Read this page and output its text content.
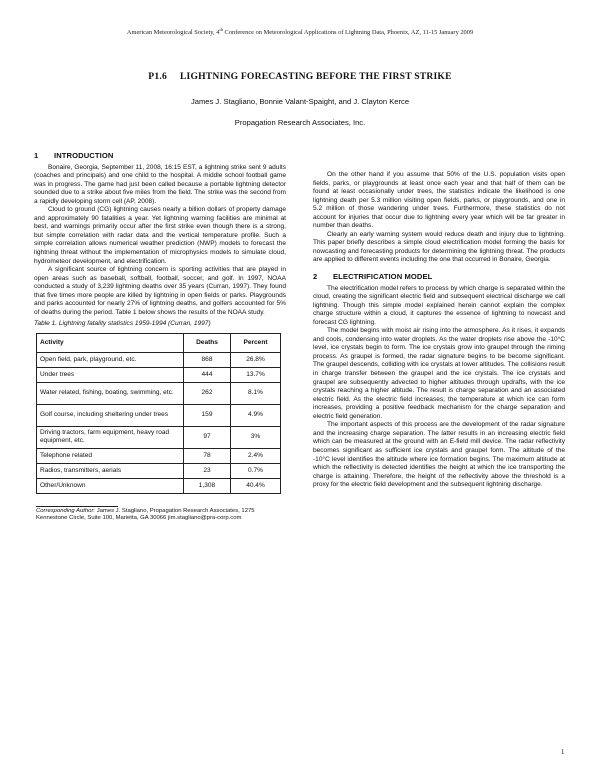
American Meteorological Society, 4th Conference on Meteorological Applications of Lightning Data, Phoenix, AZ, 11-15 January 2009
P1.6     LIGHTNING FORECASTING BEFORE THE FIRST STRIKE
James J. Stagliano, Bonnie Valant-Spaight, and J. Clayton Kerce
Propagation Research Associates, Inc.
1 INTRODUCTION

Bonaire, Georgia, September 11, 2008, 16:15 EST, a lightning strike sent 9 adults (coaches and principals) and one child to the hospital. A middle school football game was in progress. The game had just been called because a portable lightning detector sounded due to a strike about five miles from the field. The strike was the second from a rapidly developing storm cell (AP, 2008).

Cloud to ground (CG) lightning causes nearly a billion dollars of property damage and approximately 90 fatalities a year. Yet lightning warning facilities are minimal at best, and warnings primarily occur after the first strike even though there is a strong, but simple correlation with radar data and the vertical temperature profile. Such a simple correlation allows numerical weather prediction (NWP) models to forecast the lightning threat without the implementation of microphysics models to simulate cloud, hydrometeor development, and electrification.

A significant source of lightning concern is sporting activities that are played in open areas such as baseball, softball, football, soccer, and golf. In 1997, NOAA conducted a study of 3,239 lightning deaths over 35 years (Curran, 1997). They found that five times more people are killed by lightning in open fields or parks. Playgrounds and parks accounted for nearly 27% of lightning deaths, and golfers accounted for 5% of deaths during the period. Table 1 below shows the results of the NOAA study.

Table 1. Lightning fatality statistics 1959-1994 (Curran, 1997)
Activity	Deaths	Percent
Open field, park, playground, etc.	868	26.8%
Under trees	444	13.7%
Water related, fishing, boating, swimming, etc.	262	8.1%
Golf course, including sheltering under trees	159	4.9%
Driving tractors, farm equipment, heavy road equipment, etc.	97	3%
Telephone related	78	2.4%
Radios, transmitters, aerials	23	0.7%
Other/Unknown	1,308	40.4%
Corresponding Author: James J. Stagliano, Propagation Research Associates, 1275 Kennestone Circle, Suite 100, Marietta, GA 30066 jim.stagliano@pra-corp.com

On the other hand if you assume that 50% of the U.S. population visits open fields, parks, or playgrounds at least once each year and that half of them can be found at least occasionally under trees, the statistics indicate the likelihood is one lightning death per 5.3 million visiting open fields, parks, or playgrounds, and one in 5.2 million of those wandering under trees. Furthermore, these statistics do not account for injuries that occur due to lightning every year which will be far greater in number than deaths.

Clearly an early warning system would reduce death and injury due to lightning. This paper briefly describes a simple cloud electrification model forming the basis for nowcasting and forecasting products for determining the lightning threat. The products are applied to different events including the one that occurred in Bonaire, Georgia.

2 ELECTRIFICATION MODEL

The electrification model refers to process by which charge is separated within the cloud, creating the significant electric field and subsequent electrical discharge we call lightning. Though this simple model explained herein cannot explain the complex charge structure within a cloud, it captures the essence of lightning to nowcast and forecast CG lightning.

The model begins with moist air rising into the atmosphere. As it rises, it expands and cools, condensing into water droplets. As the water droplets rise above the -10°C level, ice crystals begin to form. The ice crystals grow into graupel through the riming process. As graupel is formed, the radar signature begins to be become significant. The graupel descends, colliding with ice crystals at lower altitudes. The collisions result in charge transfer between the graupel and the ice crystals. The ice crystals and graupel are subsequently advected to higher altitudes through updrafts, with the ice crystals reaching a higher altitude. The result is charge separation and an associated electric field. As the electric field increases, the temperature at which ice can form increases, providing a positive feedback mechanism for the charge separation and electric field generation.

The important aspects of this process are the development of the radar signature and the increasing charge separation. The latter results in an increasing electric field which can be measured at the ground with an E-field mill device. The radar reflectivity becomes significant as sufficient ice crystals and graupel form. The altitude of the -10°C level identifies the altitude where ice formation begins. The maximum altitude at which the reflectivity is detected identifies the height at which the ice transporting the charge is attaining. Therefore, the height of the reflectivity above the threshold is a proxy for the electric field development and the subsequent lightning discharge.

1
